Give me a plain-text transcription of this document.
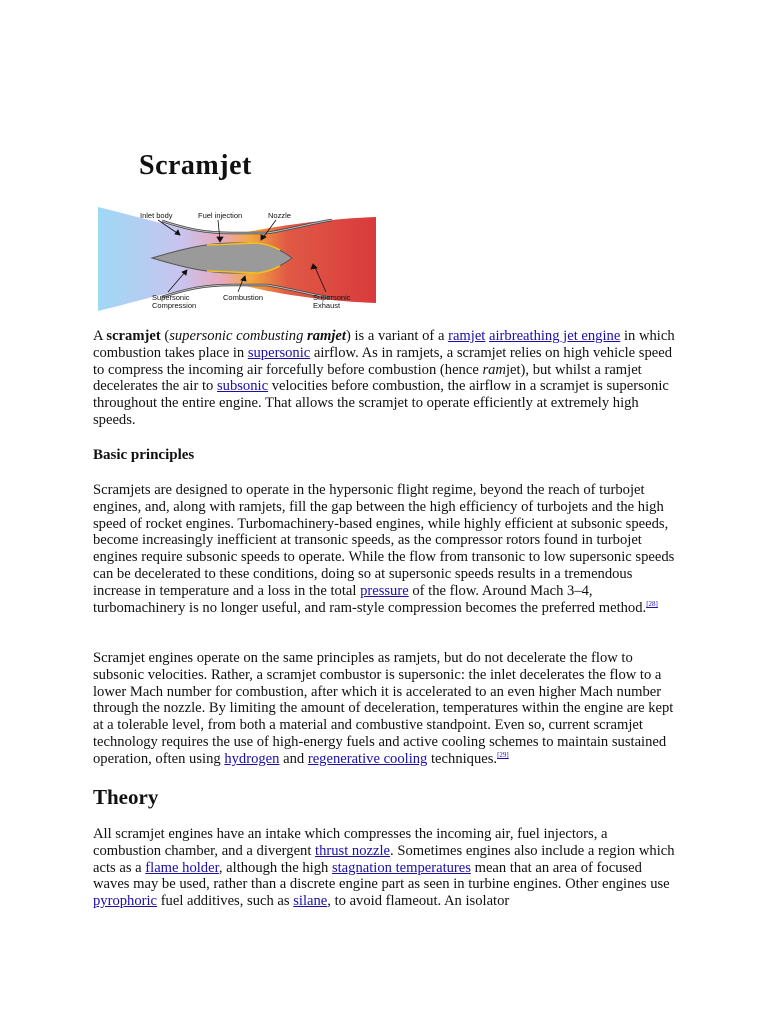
Scramjet
Inlet body	Fuel injection	Nozzle
Supersonic
Compression
Combustion	Supersonic
Exhaust

A scramjet (supersonic combusting ramjet) is a variant of a ramjet airbreathing jet engine in which combustion takes place in supersonic airflow. As in ramjets, a scramjet relies on high vehicle speed to compress the incoming air forcefully before combustion (hence ramjet), but whilst a ramjet decelerates the air to subsonic velocities before combustion, the airflow in a scramjet is supersonic throughout the entire engine. That allows the scramjet to operate efficiently at extremely high speeds.

Basic principles

Scramjets are designed to operate in the hypersonic flight regime, beyond the reach of turbojet engines, and, along with ramjets, fill the gap between the high efficiency of turbojets and the high speed of rocket engines. Turbomachinery-based engines, while highly efficient at subsonic speeds, become increasingly inefficient at transonic speeds, as the compressor rotors found in turbojet engines require subsonic speeds to operate. While the flow from transonic to low supersonic speeds can be decelerated to these conditions, doing so at supersonic speeds results in a tremendous increase in temperature and a loss in the total pressure of the flow. Around Mach 3–4, turbomachinery is no longer useful, and ram-style compression becomes the preferred method.[28]

Scramjet engines operate on the same principles as ramjets, but do not decelerate the flow to subsonic velocities. Rather, a scramjet combustor is supersonic: the inlet decelerates the flow to a lower Mach number for combustion, after which it is accelerated to an even higher Mach number through the nozzle. By limiting the amount of deceleration, temperatures within the engine are kept at a tolerable level, from both a material and combustive standpoint. Even so, current scramjet technology requires the use of high-energy fuels and active cooling schemes to maintain sustained operation, often using hydrogen and regenerative cooling techniques.[29]

Theory

All scramjet engines have an intake which compresses the incoming air, fuel injectors, a combustion chamber, and a divergent thrust nozzle. Sometimes engines also include a region which acts as a flame holder, although the high stagnation temperatures mean that an area of focused waves may be used, rather than a discrete engine part as seen in turbine engines. Other engines use pyrophoric fuel additives, such as silane, to avoid flameout. An isolator
